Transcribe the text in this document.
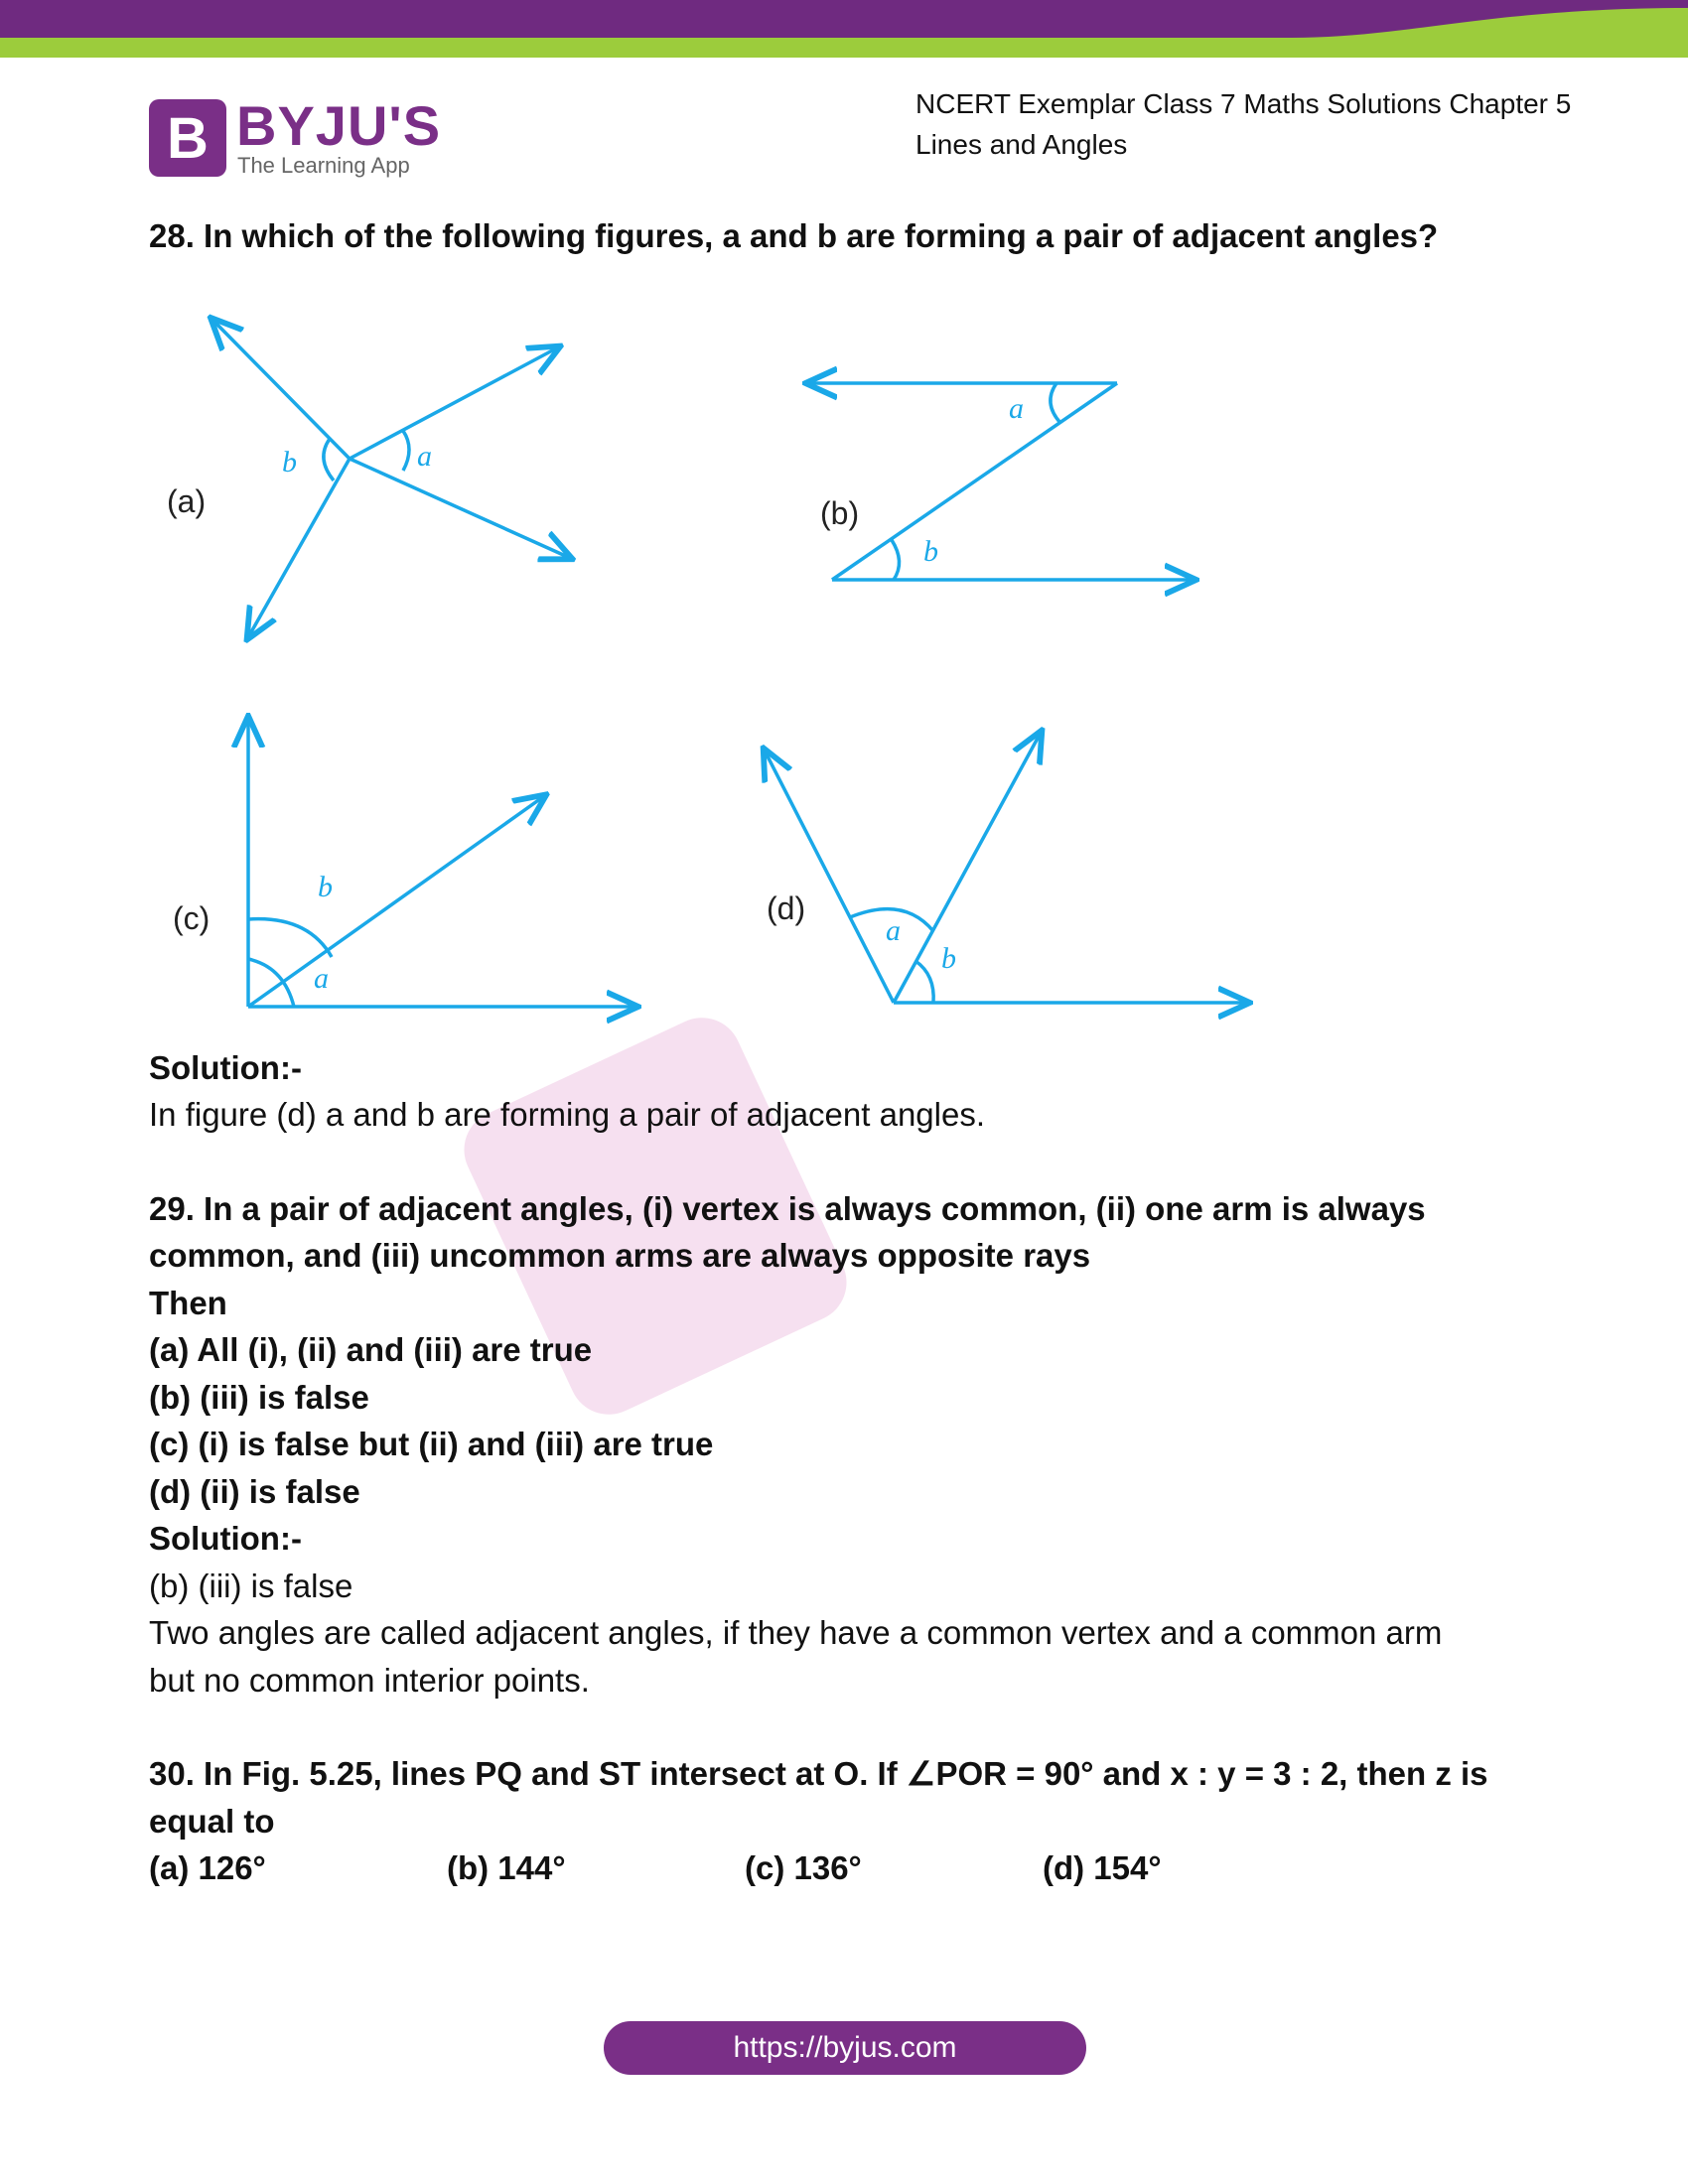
B BYJU'S
The Learning App
NCERT Exemplar Class 7 Maths Solutions Chapter 5
Lines and Angles

28. In which of the following figures, a and b are forming a pair of adjacent angles?

(a)	(b)
(c)	(d)
a
b
a
b
b
a
a
b

Solution:-

In figure (d) a and b are forming a pair of adjacent angles.

29. In a pair of adjacent angles, (i) vertex is always common, (ii) one arm is always

common, and (iii) uncommon arms are always opposite rays

Then

(a) All (i), (ii) and (iii) are true

(b) (iii) is false

(c) (i) is false but (ii) and (iii) are true

(d) (ii) is false

Solution:-

(b) (iii) is false

Two angles are called adjacent angles, if they have a common vertex and a common arm

but no common interior points.

30. In Fig. 5.25, lines PQ and ST intersect at O. If ∠POR = 90° and x : y = 3 : 2, then z is

equal to

(a) 126°	(b) 144°	(c) 136°	(d) 154°
https://byjus.com
